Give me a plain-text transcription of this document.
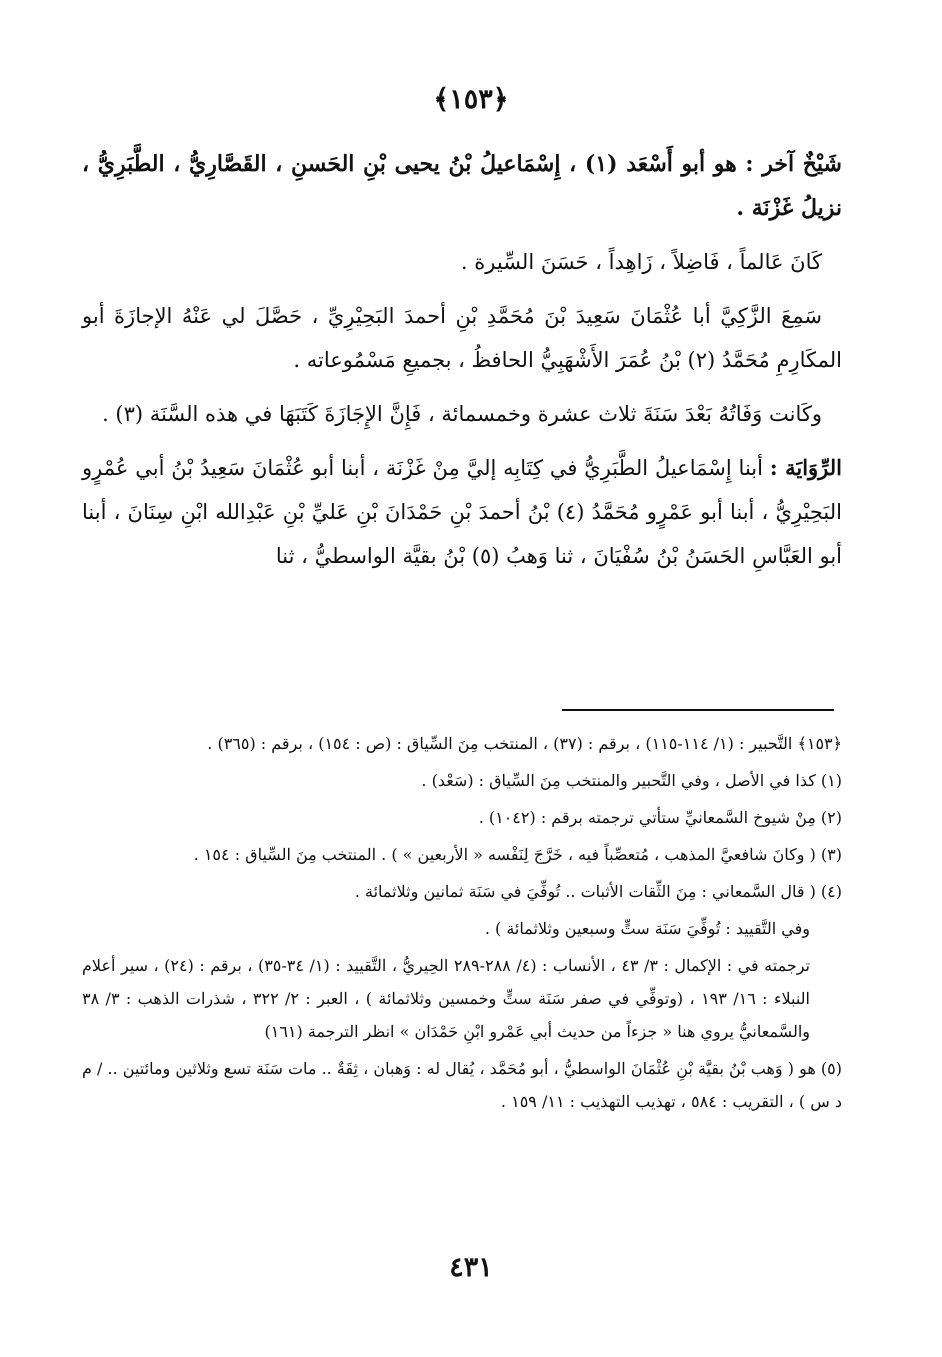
﴿١٥٣﴾

شَيْخٌ آخر : هو أبو أَسْعَد (١) ، إِسْمَاعيلُ بْنُ يحيى بْنِ الحَسنِ ، القَصَّارِيُّ ، الطَّبَرِيُّ ، نزيلُ غَزْنَة .

كَانَ عَالماً ، فَاضِلاً ، زَاهِداً ، حَسَنَ السِّيرة .

سَمِعَ الزَّكِيَّ أبا عُثْمَانَ سَعِيدَ بْنَ مُحَمَّدِ بْنِ أحمدَ البَحِيْرِيِّ ، حَصَّلَ لي عَنْهُ الإجازَةَ أبو المكَارِمِ مُحَمَّدُ (٢) بْنُ عُمَرَ الأَشْهَبِيُّ الحافظُ ، بجميعِ مَسْمُوعاته .

وكَانت وَفَاتُهُ بَعْدَ سَنَةَ ثلاث عشرة وخمسمائة ، فَإِنَّ الإِجَازَةَ كَتَبَهَا في هذه السَّنَة (٣) .

الرِّوَايَة : أبنا إِسْمَاعيلُ الطَّبَرِيُّ في كِتَابِه إليَّ مِنْ غَزْنَة ، أبنا أبو عُثْمَانَ سَعِيدُ بْنُ أبي عُمْرٍو البَحِيْرِيُّ ، أبنا أبو عَمْرٍو مُحَمَّدُ (٤) بْنُ أحمدَ بْنِ حَمْدَانَ بْنِ عَليِّ بْنِ عَبْدِالله ابْنِ سِنَانَ ، أبنا أبو العَبَّاسِ الحَسَنُ بْنُ سُفْيَانَ ، ثنا وَهبُ (٥) بْنُ بقيَّة الواسطيُّ ، ثنا

﴿١٥٣﴾ التَّحبير : (١/ ١١٤-١١٥) ، برقم : (٣٧) ، المنتخب مِنَ السِّياق : (ص : ١٥٤) ، برقم : (٣٦٥) .

(١) كذا في الأصل ، وفي التَّحبير والمنتخب مِنَ السِّياق : (سَعْد) .

(٢) مِنْ شيوخ السَّمعانيِّ ستأتي ترجمته برقم : (١٠٤٢) .

(٣) ( وكانَ شافعيَّ المذهب ، مُتعصِّباً فيه ، خَرَّجَ لِنَفْسه « الأربعين » ) . المنتخب مِنَ السِّياق : ١٥٤ .

(٤) ( قال السَّمعاني : مِنَ الثِّقات الأثبات .. تُوفِّيَ في سَنَة ثمانين وثلاثمائة .

وفي التَّقييد : تُوفِّيَ سَنَة ستٍّ وسبعين وثلاثمائة ) .

ترجمته في : الإكمال : ٣/ ٤٣ ، الأنساب : (٤/ ٢٨٨-٢٨٩ الحِيريُّ ، التَّقييد : (١/ ٣٤-٣٥) ، برقم : (٢٤) ، سير أعلام النبلاء : ١٦/ ١٩٣ ، (وتوفِّي في صفر سَنَة ستٍّ وخمسين وثلاثمائة ) ، العبر : ٢/ ٣٢٢ ، شذرات الذهب : ٣/ ٣٨ والسَّمعانيُّ يروي هنا « جزءاً من حديث أبي عَمْرو ابْنِ حَمْدَان » انظر الترجمة (١٦١)

(٥) هو ( وَهب بْنُ بقيَّة بْنِ عُثْمَانَ الواسطيُّ ، أبو مُحَمَّد ، يُقال له : وَهبان ، ثِقَةٌ .. مات سَنَة تسع وثلاثين ومائتين .. / م د س ) ، التقريب : ٥٨٤ ، تهذيب التهذيب : ١١/ ١٥٩ .

٤٣١
